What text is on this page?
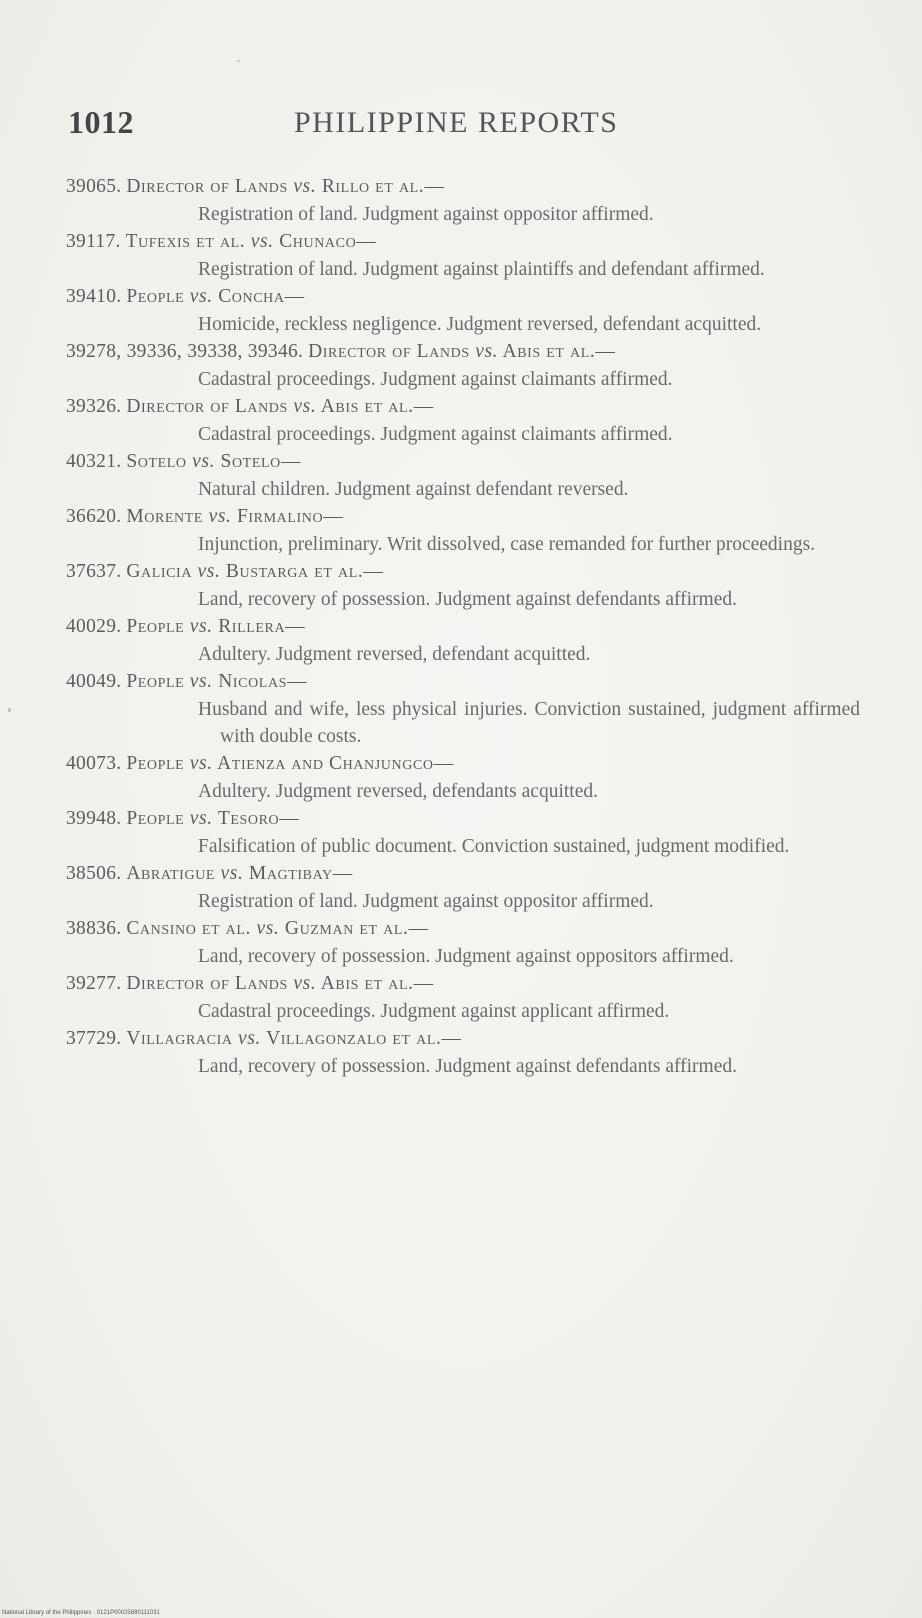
1012	PHILIPPINE REPORTS
39065. Director of Lands vs. Rillo et al.—
Registration of land. Judgment against oppositor affirmed.
39117. Tufexis et al. vs. Chunaco—
Registration of land. Judgment against plaintiffs and defendant affirmed.
39410. People vs. Concha—
Homicide, reckless negligence. Judgment reversed, defendant acquitted.
39278, 39336, 39338, 39346. Director of Lands vs. Abis et al.—
Cadastral proceedings. Judgment against claimants affirmed.
39326. Director of Lands vs. Abis et al.—
Cadastral proceedings. Judgment against claimants affirmed.
40321. Sotelo vs. Sotelo—
Natural children. Judgment against defendant reversed.
36620. Morente vs. Firmalino—
Injunction, preliminary. Writ dissolved, case remanded for further proceedings.
37637. Galicia vs. Bustarga et al.—
Land, recovery of possession. Judgment against defendants affirmed.
40029. People vs. Rillera—
Adultery. Judgment reversed, defendant acquitted.
40049. People vs. Nicolas—
Husband and wife, less physical injuries. Conviction sustained, judgment affirmed with double costs.
40073. People vs. Atienza and Chanjungco—
Adultery. Judgment reversed, defendants acquitted.
39948. People vs. Tesoro—
Falsification of public document. Conviction sustained, judgment modified.
38506. Abratigue vs. Magtibay—
Registration of land. Judgment against oppositor affirmed.
38836. Cansino et al. vs. Guzman et al.—
Land, recovery of possession. Judgment against oppositors affirmed.
39277. Director of Lands vs. Abis et al.—
Cadastral proceedings. Judgment against applicant affirmed.
37729. Villagracia vs. Villagonzalo et al.—
Land, recovery of possession. Judgment against defendants affirmed.
National Library of the Philippines · 0121P00025880111031
